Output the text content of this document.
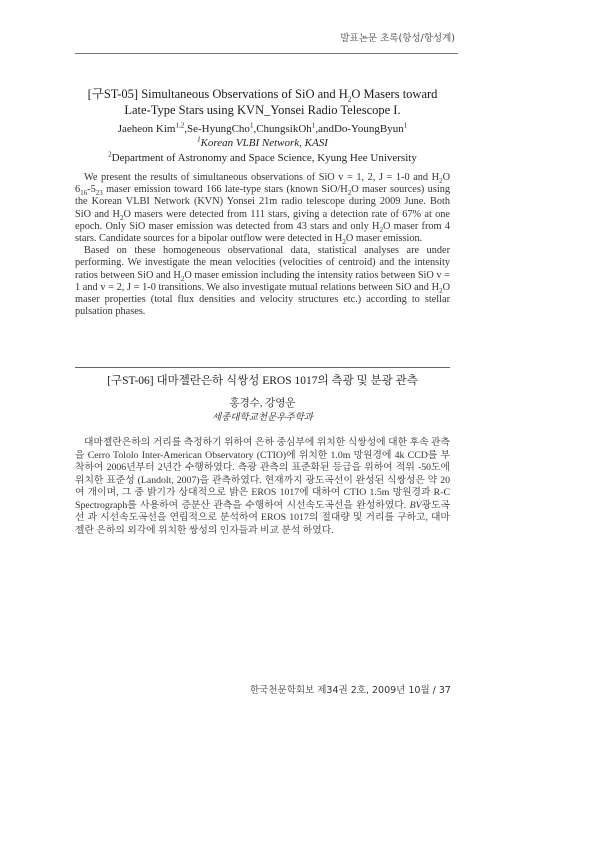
발표논문 초록(항성/항성계)
[구ST-05] Simultaneous Observations of SiO and $H_2O$ Masers toward
Late-Type Stars using KVN_Yonsei Radio Telescope I.
Jaeheon Kim$^{1,2}$,Se-HyungCho$^1$,ChungsikOh$^1$,andDo-YoungByun$^1$
$^1$Korean VLBI Network, KASI
$^2$Department of Astronomy and Space Science, Kyung Hee University

We present the results of simultaneous observations of SiO v = 1, 2, J = 1-0 and $H_2O$ $6_{16}-5_{23}$ maser emission toward 166 late-type stars (known SiO/$H_2O$ maser sources) using the Korean VLBI Network (KVN) Yonsei 21m radio telescope during 2009 June. Both SiO and $H_2O$ masers were detected from 111 stars, giving a detection rate of 67% at one epoch. Only SiO maser emission was detected from 43 stars and only $H_2O$ maser from 4 stars. Candidate sources for a bipolar outflow were detected in $H_2O$ maser emission.

Based on these homogeneous observational data, statistical analyses are under performing. We investigate the mean velocities (velocities of centroid) and the intensity ratios between SiO and $H_2O$ maser emission including the intensity ratios between SiO v = 1 and v = 2, J = 1-0 transitions. We also investigate mutual relations between SiO and $H_2O$ maser properties (total flux densities and velocity structures etc.) according to stellar pulsation phases.

[구ST-06] 대마젤란은하 식쌍성 EROS 1017의 측광 및 분광 관측
홍경수, 강영운
세종대학교천문우주학과

대마젤란은하의 거리를 측정하기 위하여 은하 중심부에 위치한 식쌍성에 대한 후속 관측 을 Cerro Tololo Inter-American Observatory (CTIO)에 위치한 1.0m 망원경에 4k CCD를 부착하여 2006년부터 2년간 수행하였다. 측광 관측의 표준화된 등급을 위하여 적위 -50도에 위치한 표준성 (Landolt, 2007)을 관측하였다. 현재까지 광도곡선이 완성된 식쌍성은 약 20 여 개이며, 그 중 밝기가 상대적으로 밝은 EROS 1017에 대하여 CTIO 1.5m 망원경과 R-C Spectrograph를 사용하여 증분산 관측을 수행하여 시선속도곡선을 완성하였다. BV광도곡선 과 시선속도곡선을 연립적으로 분석하여 EROS 1017의 절대량 및 거리를 구하고, 대마젤란 은하의 외각에 위치한 쌍성의 인자들과 비교 분석 하였다.

한국천문학회보 제34권 2호, 2009년 10월 / 37
